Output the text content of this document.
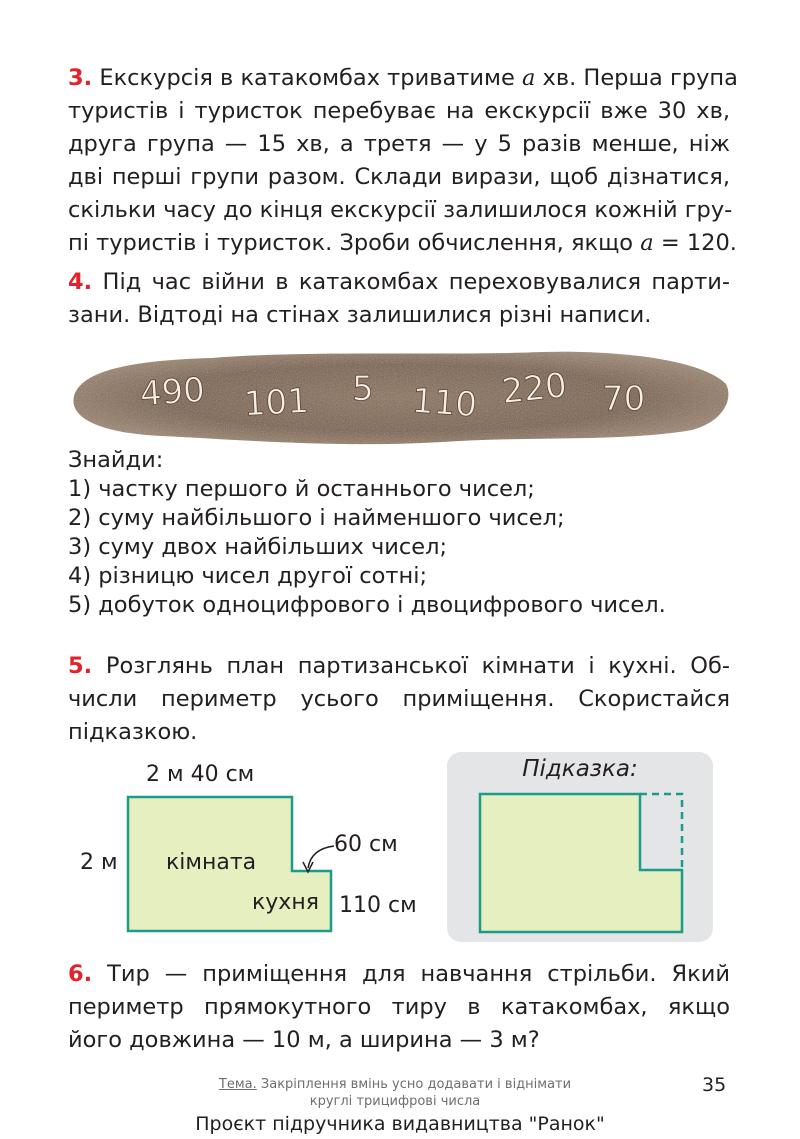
3. Екскурсія в катакомбах триватиме a хв. Перша група
туристів і туристок перебуває на екскурсії вже 30 хв,
друга група — 15 хв, а третя — у 5 разів менше, ніж
дві перші групи разом. Склади вирази, щоб дізнатися,
скільки часу до кінця екскурсії залишилося кожній гру-
пі туристів і туристок. Зроби обчислення, якщо a = 120.
4. Під час війни в катакомбах переховувалися парти-
зани. Відтоді на стінах залишилися різні написи.
490 101 5 110 220 70
Знайди:
1) частку першого й останнього чисел;
2) суму найбільшого і найменшого чисел;
3) суму двох найбільших чисел;
4) різницю чисел другої сотні;
5) добуток одноцифрового і двоцифрового чисел.
5. Розглянь план партизанської кімнати і кухні. Об-
числи периметр усього приміщення. Скористайся
підказкою.
2 м 40 см
2 м кімната
кухня
60 см
110 см
Підказка:
6. Тир — приміщення для навчання стрільби. Який
периметр прямокутного тиру в катакомбах, якщо
його довжина — 10 м, а ширина — 3 м?
Тема. Закріплення вмінь усно додавати і віднімати
круглі трицифрові числа
35
Проєкт підручника видавництва "Ранок"
